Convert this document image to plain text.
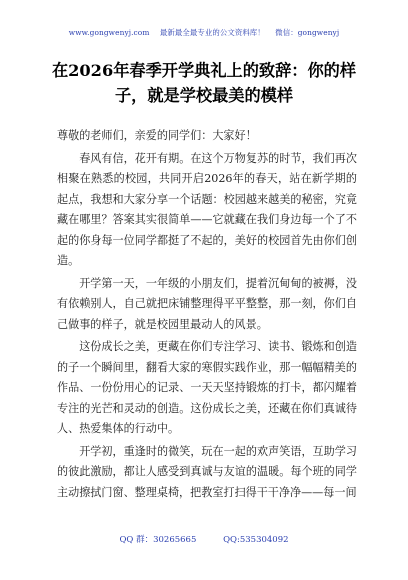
www.gongwenyj.com 最新最全最专业的公文资料库！ 微信：gongwenyj
在2026年春季开学典礼上的致辞：你的样子，就是学校最美的模样

尊敬的老师们，亲爱的同学们：大家好！

春风有信，花开有期。在这个万物复苏的时节，我们再次相聚在熟悉的校园，共同开启2026年的春天，站在新学期的起点，我想和大家分享一个话题：校园越来越美的秘密，究竟藏在哪里？答案其实很简单——它就藏在我们身边每一个了不起的你身每一位同学都挺了不起的，美好的校园首先由你们创造。

开学第一天，一年级的小朋友们，提着沉甸甸的被褥，没有依赖别人，自己就把床铺整理得平平整整，那一刻，你们自己做事的样子，就是校园里最动人的风景。

这份成长之美，更藏在你们专注学习、读书、锻炼和创造的子一个瞬间里，翻看大家的寒假实践作业，那一幅幅精美的作品、一份份用心的记录、一天天坚持锻炼的打卡，都闪耀着专注的光芒和灵动的创造。这份成长之美，还藏在你们真诚待人、热爱集体的行动中。

开学初，重逢时的微笑，玩在一起的欢声笑语，互助学习的彼此激励，都让人感受到真诚与友谊的温暖。每个班的同学主动擦拭门窗、整理桌椅，把教室打扫得干干净净——每一间

QQ 群：30265665	QQ:535304092
